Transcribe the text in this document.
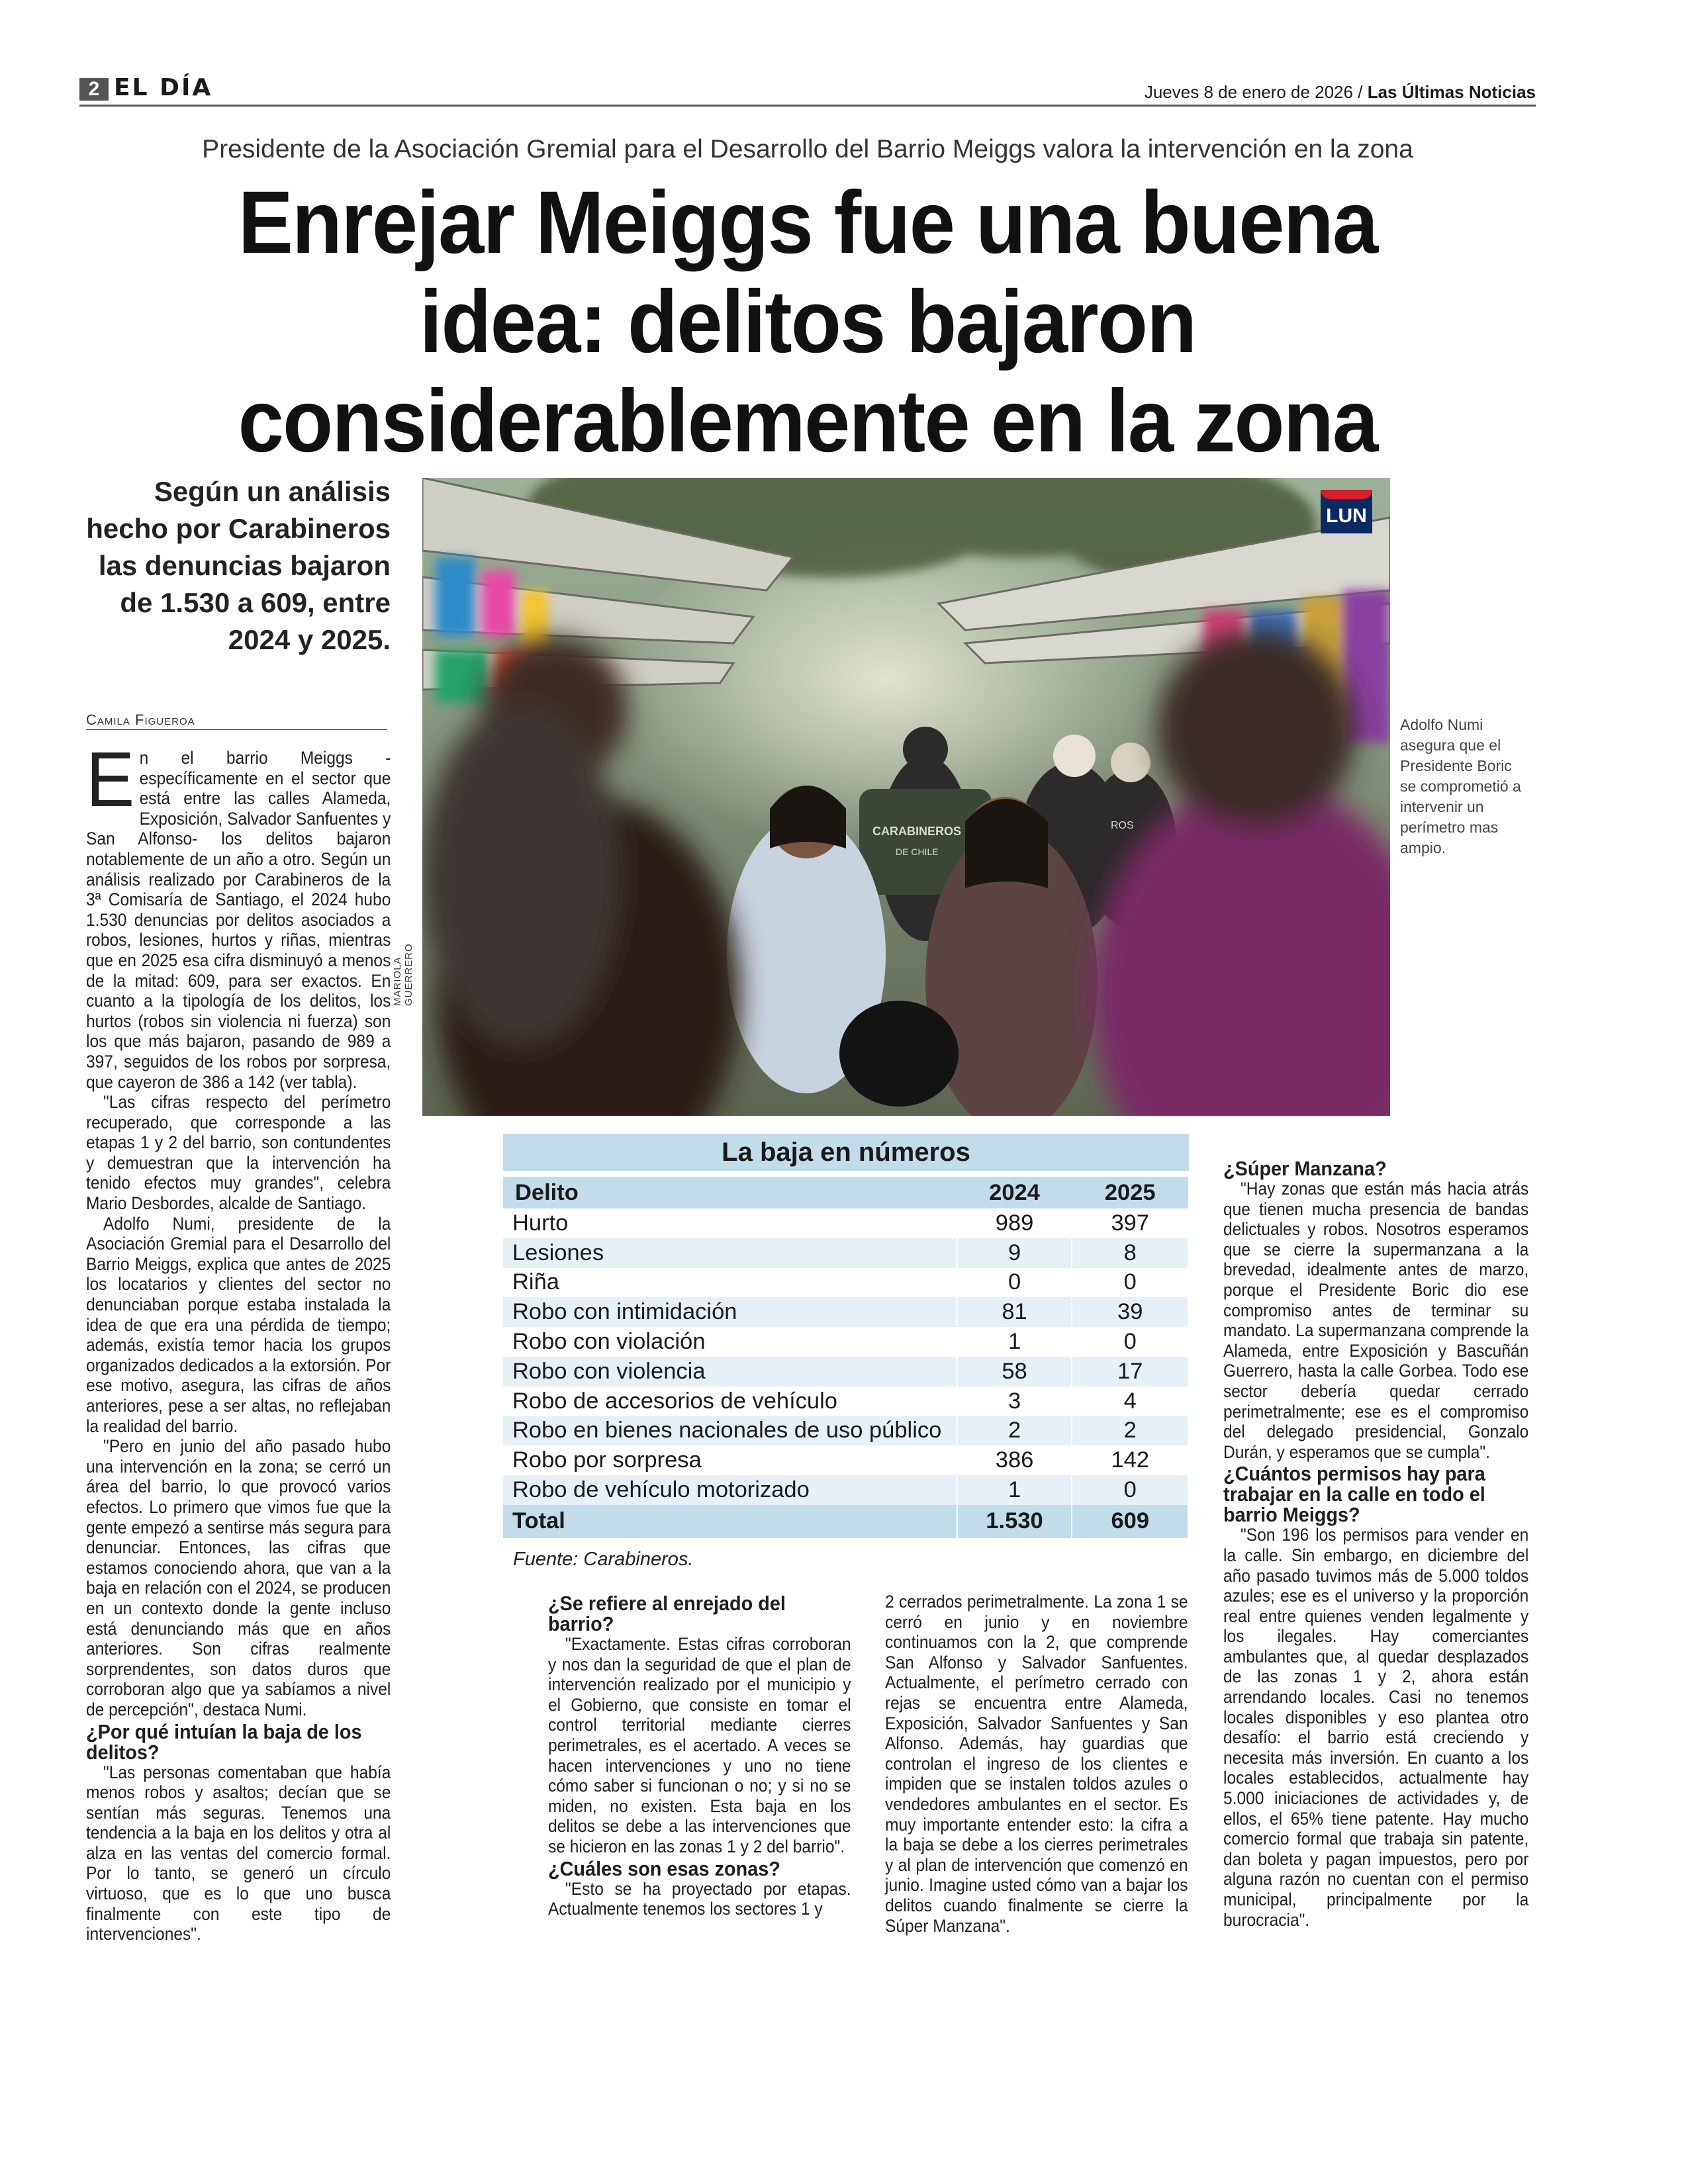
2 EL DÍA	Jueves 8 de enero de 2026 / Las Últimas Noticias
Presidente de la Asociación Gremial para el Desarrollo del Barrio Meiggs valora la intervención en la zona
Enrejar Meiggs fue una buena idea: delitos bajaron considerablemente en la zona
Según un análisis hecho por Carabineros las denuncias bajaron de 1.530 a 609, entre 2024 y 2025.
Camila Figueroa

En el barrio Meiggs -específicamente en el sector que está entre las calles Alameda, Exposición, Salvador Sanfuentes y San Alfonso- los delitos bajaron notablemente de un año a otro. Según un análisis realizado por Carabineros de la 3ª Comisaría de Santiago, el 2024 hubo 1.530 denuncias por delitos asociados a robos, lesiones, hurtos y riñas, mientras que en 2025 esa cifra disminuyó a menos de la mitad: 609, para ser exactos. En cuanto a la tipología de los delitos, los hurtos (robos sin violencia ni fuerza) son los que más bajaron, pasando de 989 a 397, seguidos de los robos por sorpresa, que cayeron de 386 a 142 (ver tabla).

"Las cifras respecto del perímetro recuperado, que corresponde a las etapas 1 y 2 del barrio, son contundentes y demuestran que la intervención ha tenido efectos muy grandes", celebra Mario Desbordes, alcalde de Santiago.

Adolfo Numi, presidente de la Asociación Gremial para el Desarrollo del Barrio Meiggs, explica que antes de 2025 los locatarios y clientes del sector no denunciaban porque estaba instalada la idea de que era una pérdida de tiempo; además, existía temor hacia los grupos organizados dedicados a la extorsión. Por ese motivo, asegura, las cifras de años anteriores, pese a ser altas, no reflejaban la realidad del barrio.

"Pero en junio del año pasado hubo una intervención en la zona; se cerró un área del barrio, lo que provocó varios efectos. Lo primero que vimos fue que la gente empezó a sentirse más segura para denunciar. Entonces, las cifras que estamos conociendo ahora, que van a la baja en relación con el 2024, se producen en un contexto donde la gente incluso está denunciando más que en años anteriores. Son cifras realmente sorprendentes, son datos duros que corroboran algo que ya sabíamos a nivel de percepción", destaca Numi.

¿Por qué intuían la baja de los delitos?

"Las personas comentaban que había menos robos y asaltos; decían que se sentían más seguras. Tenemos una tendencia a la baja en los delitos y otra al alza en las ventas del comercio formal. Por lo tanto, se generó un círculo virtuoso, que es lo que uno busca finalmente con este tipo de intervenciones".

CARABINEROS
DE CHILE
ROS
LUN
MARIOLA GUERRERO
Adolfo Numi asegura que el Presidente Boric se comprometió a intervenir un perímetro mas ampio.
La baja en números
Delito	2024	2025
Hurto	989	397
Lesiones	9	8
Riña	0	0
Robo con intimidación	81	39
Robo con violación	1	0
Robo con violencia	58	17
Robo de accesorios de vehículo	3	4
Robo en bienes nacionales de uso público	2	2
Robo por sorpresa	386	142
Robo de vehículo motorizado	1	0
Total	1.530	609
Fuente: Carabineros.
¿Se refiere al enrejado del barrio?

"Exactamente. Estas cifras corroboran y nos dan la seguridad de que el plan de intervención realizado por el municipio y el Gobierno, que consiste en tomar el control territorial mediante cierres perimetrales, es el acertado. A veces se hacen intervenciones y uno no tiene cómo saber si funcionan o no; y si no se miden, no existen. Esta baja en los delitos se debe a las intervenciones que se hicieron en las zonas 1 y 2 del barrio".

¿Cuáles son esas zonas?

"Esto se ha proyectado por etapas. Actualmente tenemos los sectores 1 y

2 cerrados perimetralmente. La zona 1 se cerró en junio y en noviembre continuamos con la 2, que comprende San Alfonso y Salvador Sanfuentes. Actualmente, el perímetro cerrado con rejas se encuentra entre Alameda, Exposición, Salvador Sanfuentes y San Alfonso. Además, hay guardias que controlan el ingreso de los clientes e impiden que se instalen toldos azules o vendedores ambulantes en el sector. Es muy importante entender esto: la cifra a la baja se debe a los cierres perimetrales y al plan de intervención que comenzó en junio. Imagine usted cómo van a bajar los delitos cuando finalmente se cierre la Súper Manzana".

¿Súper Manzana?

"Hay zonas que están más hacia atrás que tienen mucha presencia de bandas delictuales y robos. Nosotros esperamos que se cierre la supermanzana a la brevedad, idealmente antes de marzo, porque el Presidente Boric dio ese compromiso antes de terminar su mandato. La supermanzana comprende la Alameda, entre Exposición y Bascuñán Guerrero, hasta la calle Gorbea. Todo ese sector debería quedar cerrado perimetralmente; ese es el compromiso del delegado presidencial, Gonzalo Durán, y esperamos que se cumpla".

¿Cuántos permisos hay para trabajar en la calle en todo el barrio Meiggs?

"Son 196 los permisos para vender en la calle. Sin embargo, en diciembre del año pasado tuvimos más de 5.000 toldos azules; ese es el universo y la proporción real entre quienes venden legalmente y los ilegales. Hay comerciantes ambulantes que, al quedar desplazados de las zonas 1 y 2, ahora están arrendando locales. Casi no tenemos locales disponibles y eso plantea otro desafío: el barrio está creciendo y necesita más inversión. En cuanto a los locales establecidos, actualmente hay 5.000 iniciaciones de actividades y, de ellos, el 65% tiene patente. Hay mucho comercio formal que trabaja sin patente, dan boleta y pagan impuestos, pero por alguna razón no cuentan con el permiso municipal, principalmente por la burocracia".
